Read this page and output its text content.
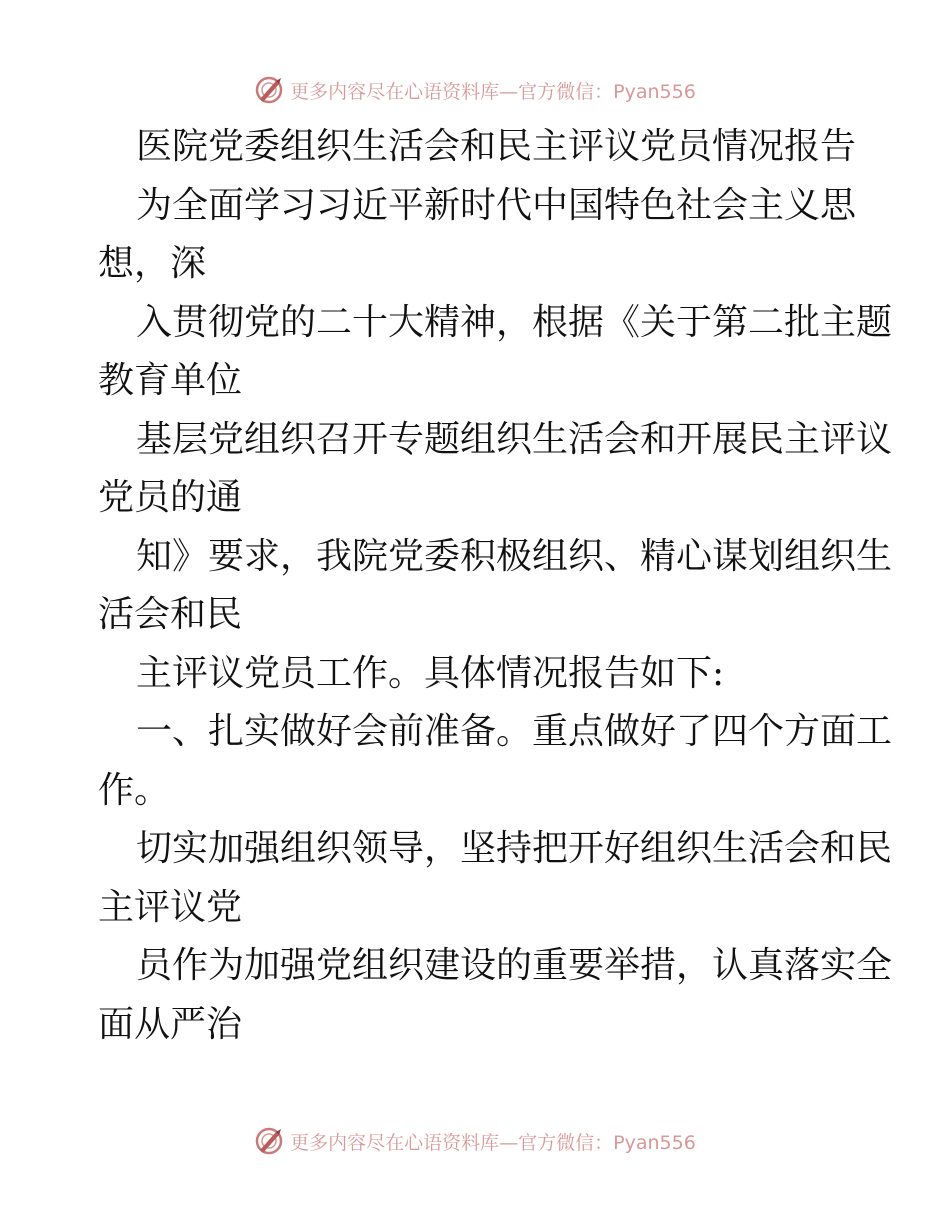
更多内容尽在心语资料库—官方微信：Pyan556

医院党委组织生活会和民主评议党员情况报告

为全面学习习近平新时代中国特色社会主义思

想，深

入贯彻党的二十大精神，根据《关于第二批主题

教育单位

基层党组织召开专题组织生活会和开展民主评议

党员的通

知》要求，我院党委积极组织、精心谋划组织生

活会和民

主评议党员工作。具体情况报告如下:

一、扎实做好会前准备。重点做好了四个方面工

作。

切实加强组织领导，坚持把开好组织生活会和民

主评议党

员作为加强党组织建设的重要举措，认真落实全

面从严治

更多内容尽在心语资料库—官方微信：Pyan556
